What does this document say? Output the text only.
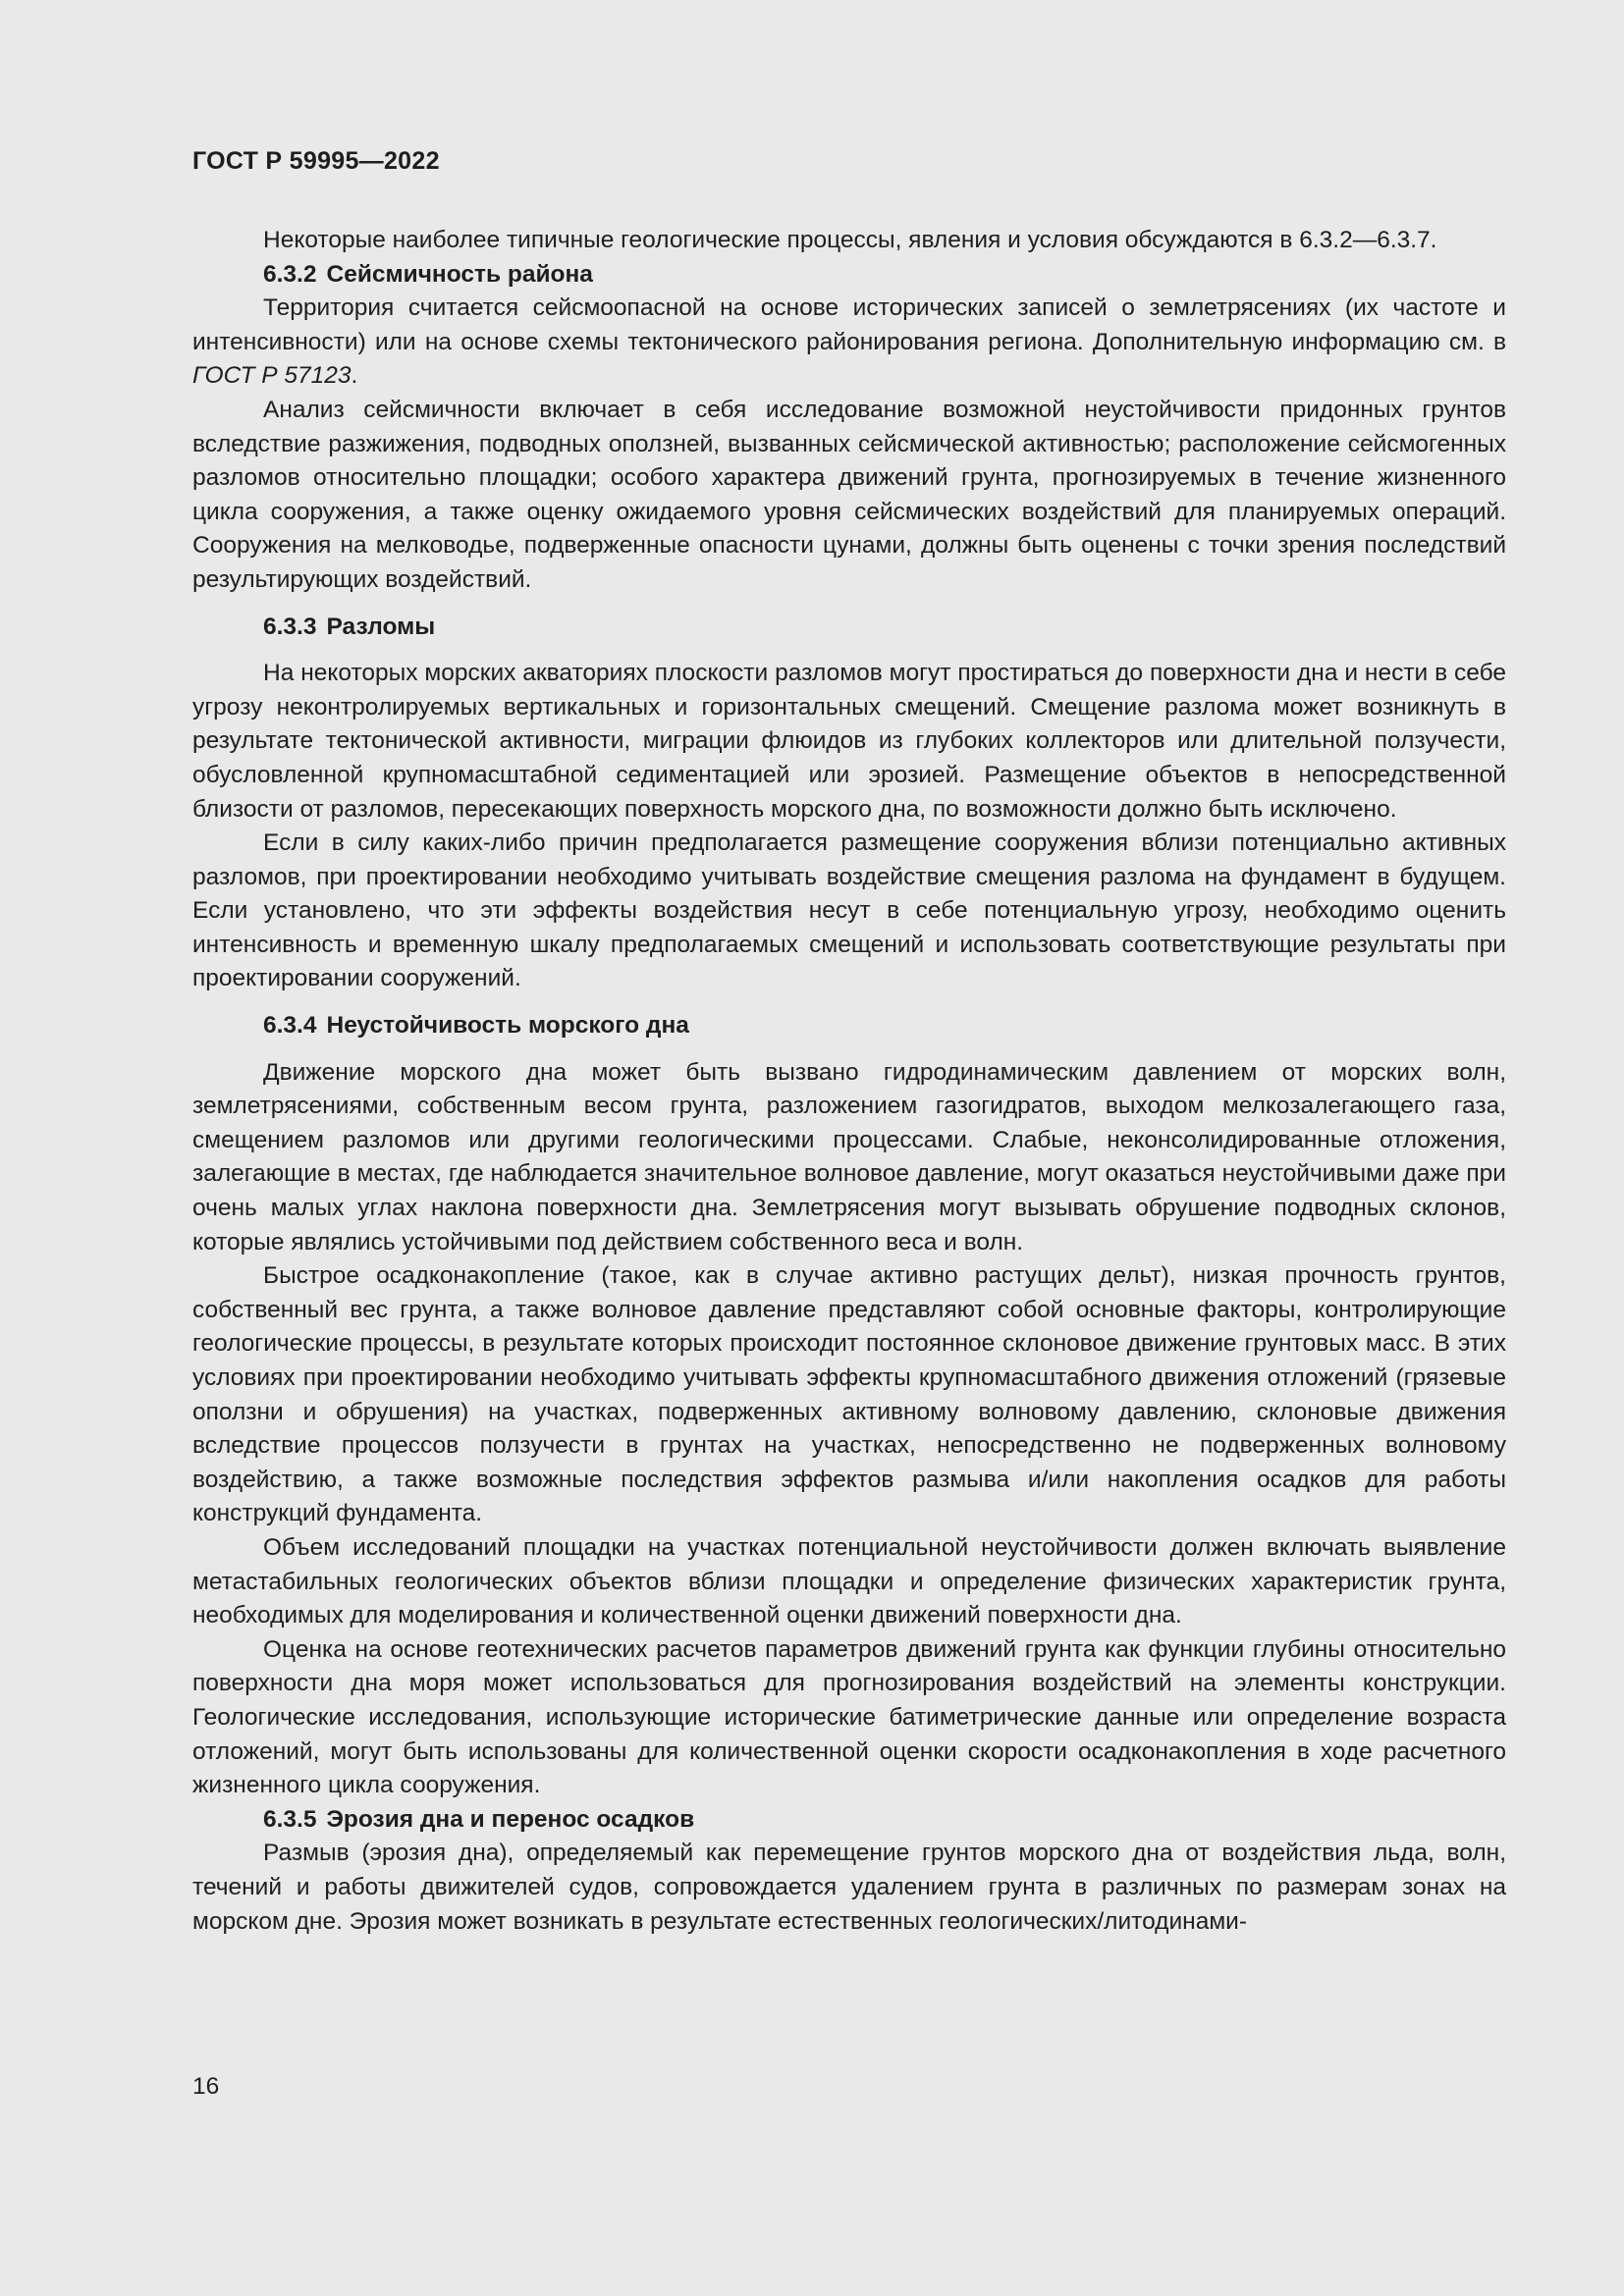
ГОСТ Р 59995—2022

Некоторые наиболее типичные геологические процессы, явления и условия обсуждаются в 6.3.2—6.3.7.

6.3.2 Сейсмичность района

Территория считается сейсмоопасной на основе исторических записей о землетрясениях (их частоте и интенсивности) или на основе схемы тектонического районирования региона. Дополнительную информацию см. в ГОСТ Р 57123.

Анализ сейсмичности включает в себя исследование возможной неустойчивости придонных грунтов вследствие разжижения, подводных оползней, вызванных сейсмической активностью; расположение сейсмогенных разломов относительно площадки; особого характера движений грунта, прогнозируемых в течение жизненного цикла сооружения, а также оценку ожидаемого уровня сейсмических воздействий для планируемых операций. Сооружения на мелководье, подверженные опасности цунами, должны быть оценены с точки зрения последствий результирующих воздействий.

6.3.3 Разломы

На некоторых морских акваториях плоскости разломов могут простираться до поверхности дна и нести в себе угрозу неконтролируемых вертикальных и горизонтальных смещений. Смещение разлома может возникнуть в результате тектонической активности, миграции флюидов из глубоких коллекторов или длительной ползучести, обусловленной крупномасштабной седиментацией или эрозией. Размещение объектов в непосредственной близости от разломов, пересекающих поверхность морского дна, по возможности должно быть исключено.

Если в силу каких-либо причин предполагается размещение сооружения вблизи потенциально активных разломов, при проектировании необходимо учитывать воздействие смещения разлома на фундамент в будущем. Если установлено, что эти эффекты воздействия несут в себе потенциальную угрозу, необходимо оценить интенсивность и временную шкалу предполагаемых смещений и использовать соответствующие результаты при проектировании сооружений.

6.3.4 Неустойчивость морского дна

Движение морского дна может быть вызвано гидродинамическим давлением от морских волн, землетрясениями, собственным весом грунта, разложением газогидратов, выходом мелкозалегающего газа, смещением разломов или другими геологическими процессами. Слабые, неконсолидированные отложения, залегающие в местах, где наблюдается значительное волновое давление, могут оказаться неустойчивыми даже при очень малых углах наклона поверхности дна. Землетрясения могут вызывать обрушение подводных склонов, которые являлись устойчивыми под действием собственного веса и волн.

Быстрое осадконакопление (такое, как в случае активно растущих дельт), низкая прочность грунтов, собственный вес грунта, а также волновое давление представляют собой основные факторы, контролирующие геологические процессы, в результате которых происходит постоянное склоновое движение грунтовых масс. В этих условиях при проектировании необходимо учитывать эффекты крупномасштабного движения отложений (грязевые оползни и обрушения) на участках, подверженных активному волновому давлению, склоновые движения вследствие процессов ползучести в грунтах на участках, непосредственно не подверженных волновому воздействию, а также возможные последствия эффектов размыва и/или накопления осадков для работы конструкций фундамента.

Объем исследований площадки на участках потенциальной неустойчивости должен включать выявление метастабильных геологических объектов вблизи площадки и определение физических характеристик грунта, необходимых для моделирования и количественной оценки движений поверхности дна.

Оценка на основе геотехнических расчетов параметров движений грунта как функции глубины относительно поверхности дна моря может использоваться для прогнозирования воздействий на элементы конструкции. Геологические исследования, использующие исторические батиметрические данные или определение возраста отложений, могут быть использованы для количественной оценки скорости осадконакопления в ходе расчетного жизненного цикла сооружения.

6.3.5 Эрозия дна и перенос осадков

Размыв (эрозия дна), определяемый как перемещение грунтов морского дна от воздействия льда, волн, течений и работы движителей судов, сопровождается удалением грунта в различных по размерам зонах на морском дне. Эрозия может возникать в результате естественных геологических/литодинами-

16
